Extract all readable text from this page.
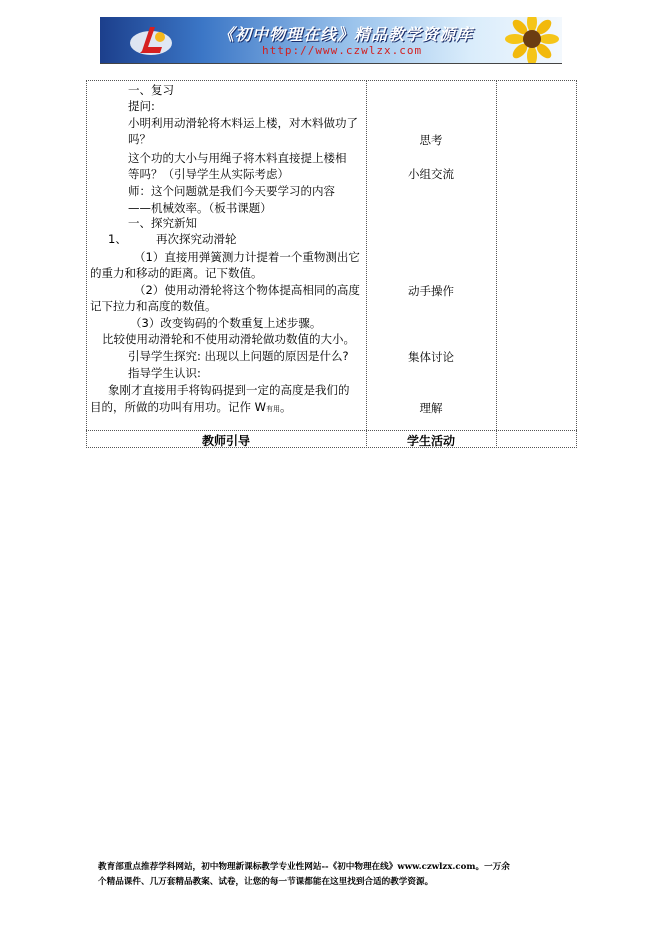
《初中物理在线》精品教学资源库
http://www.czwlzx.com
一、复习
提问:
小明利用动滑轮将木料运上楼，对木料做功了
吗？
这个功的大小与用绳子将木料直接提上楼相
等吗？（引导学生从实际考虑）
师：这个问题就是我们今天要学习的内容
——机械效率。（板书课题）
一、探究新知
1、        再次探究动滑轮
（1）直接用弹簧测力计提着一个重物测出它
的重力和移动的距离。记下数值。
（2）使用动滑轮将这个物体提高相同的高度
记下拉力和高度的数值。
（3）改变钩码的个数重复上述步骤。
比较使用动滑轮和不使用动滑轮做功数值的大小。
引导学生探究: 出现以上问题的原因是什么?
指导学生认识:
象刚才直接用手将钩码提到一定的高度是我们的
目的，所做的功叫有用功。记作 W有用。
思考
小组交流
动手操作
集体讨论
理解
教师引导	学生活动
教育部重点推荐学科网站，初中物理新课标教学专业性网站--《初中物理在线》www.czwlzx.com。一万余
个精品课件、几万套精品教案、试卷，让您的每一节课都能在这里找到合适的教学资源。
